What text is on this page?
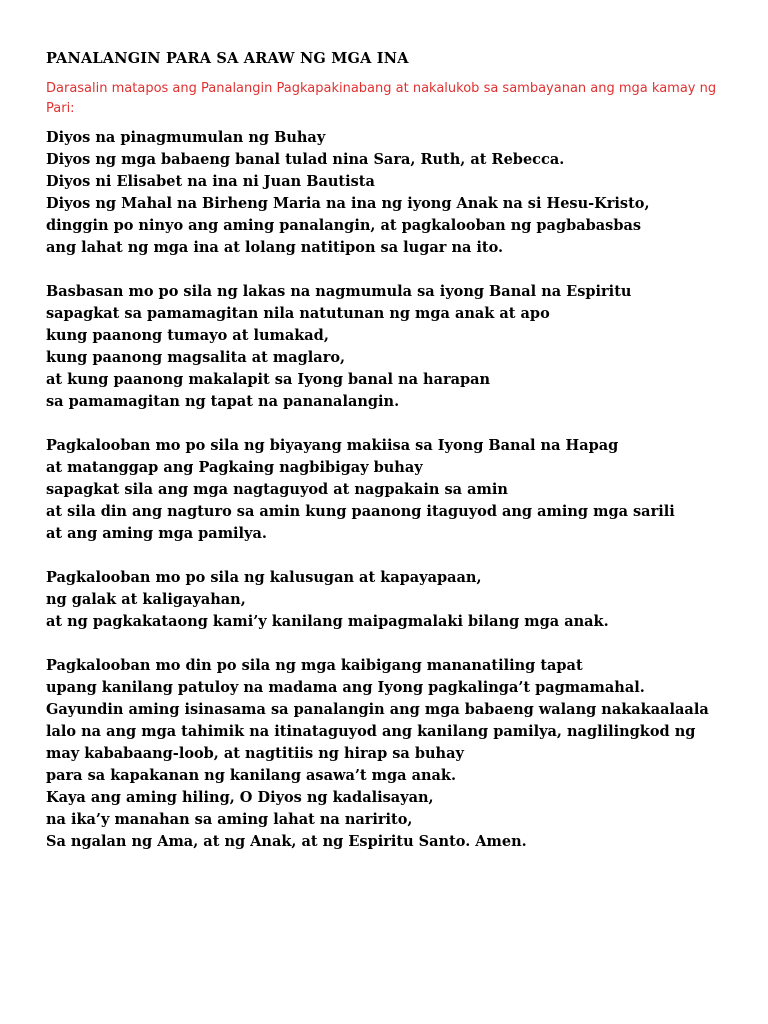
PANALANGIN PARA SA ARAW NG MGA INA

Darasalin matapos ang Panalangin Pagkapakinabang at nakalukob sa sambayanan ang mga kamay ng Pari:

Diyos na pinagmumulan ng Buhay
Diyos ng mga babaeng banal tulad nina Sara, Ruth, at Rebecca.
Diyos ni Elisabet na ina ni Juan Bautista
Diyos ng Mahal na Birheng Maria na ina ng iyong Anak na si Hesu-Kristo,
dinggin po ninyo ang aming panalangin, at pagkalooban ng pagbabasbas
ang lahat ng mga ina at lolang natitipon sa lugar na ito.
Basbasan mo po sila ng lakas na nagmumula sa iyong Banal na Espiritu
sapagkat sa pamamagitan nila natutunan ng mga anak at apo
kung paanong tumayo at lumakad,
kung paanong magsalita at maglaro,
at kung paanong makalapit sa Iyong banal na harapan
sa pamamagitan ng tapat na pananalangin.
Pagkalooban mo po sila ng biyayang makiisa sa Iyong Banal na Hapag
at matanggap ang Pagkaing nagbibigay buhay
sapagkat sila ang mga nagtaguyod at nagpakain sa amin
at sila din ang nagturo sa amin kung paanong itaguyod ang aming mga sarili
at ang aming mga pamilya.
Pagkalooban mo po sila ng kalusugan at kapayapaan,
ng galak at kaligayahan,
at ng pagkakataong kami’y kanilang maipagmalaki bilang mga anak.
Pagkalooban mo din po sila ng mga kaibigang mananatiling tapat
upang kanilang patuloy na madama ang Iyong pagkalinga’t pagmamahal.
Gayundin aming isinasama sa panalangin ang mga babaeng walang nakakaalaala
lalo na ang mga tahimik na itinataguyod ang kanilang pamilya, naglilingkod ng
may kababaang-loob, at nagtitiis ng hirap sa buhay
para sa kapakanan ng kanilang asawa’t mga anak.
Kaya ang aming hiling, O Diyos ng kadalisayan,
na ika’y manahan sa aming lahat na naririto,
Sa ngalan ng Ama, at ng Anak, at ng Espiritu Santo. Amen.
